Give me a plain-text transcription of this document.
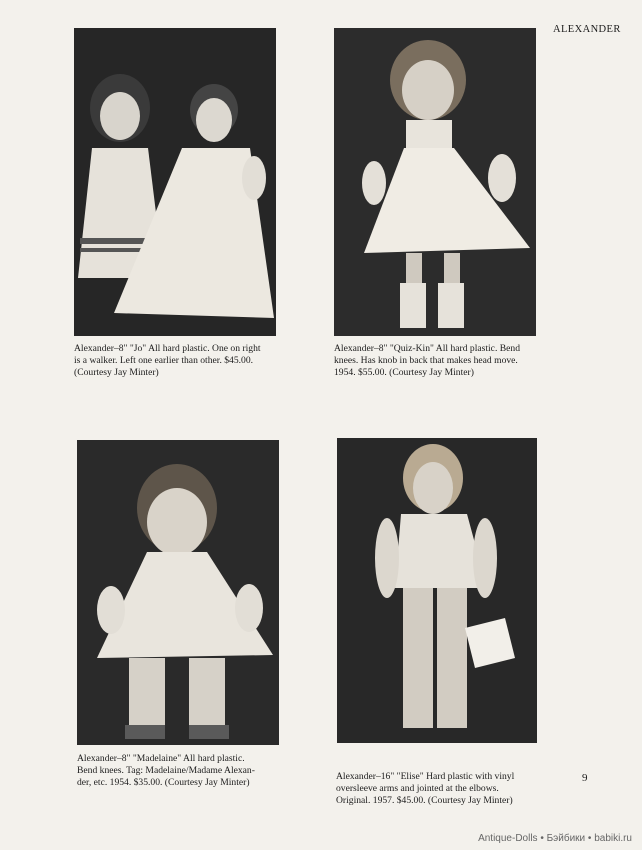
ALEXANDER

Alexander–8" "Jo" All hard plastic. One on right
is a walker. Left one earlier than other. $45.00.
(Courtesy Jay Minter)

Alexander–8" "Quiz-Kin" All hard plastic. Bend
knees. Has knob in back that makes head move.
1954. $55.00. (Courtesy Jay Minter)

Alexander–8" "Madelaine" All hard plastic.
Bend knees. Tag: Madelaine/Madame Alexan-
der, etc. 1954. $35.00. (Courtesy Jay Minter)

Alexander–16" "Elise" Hard plastic with vinyl
oversleeve arms and jointed at the elbows.
Original. 1957. $45.00. (Courtesy Jay Minter)

9
Antique-Dolls • Бэйбики • babiki.ru
